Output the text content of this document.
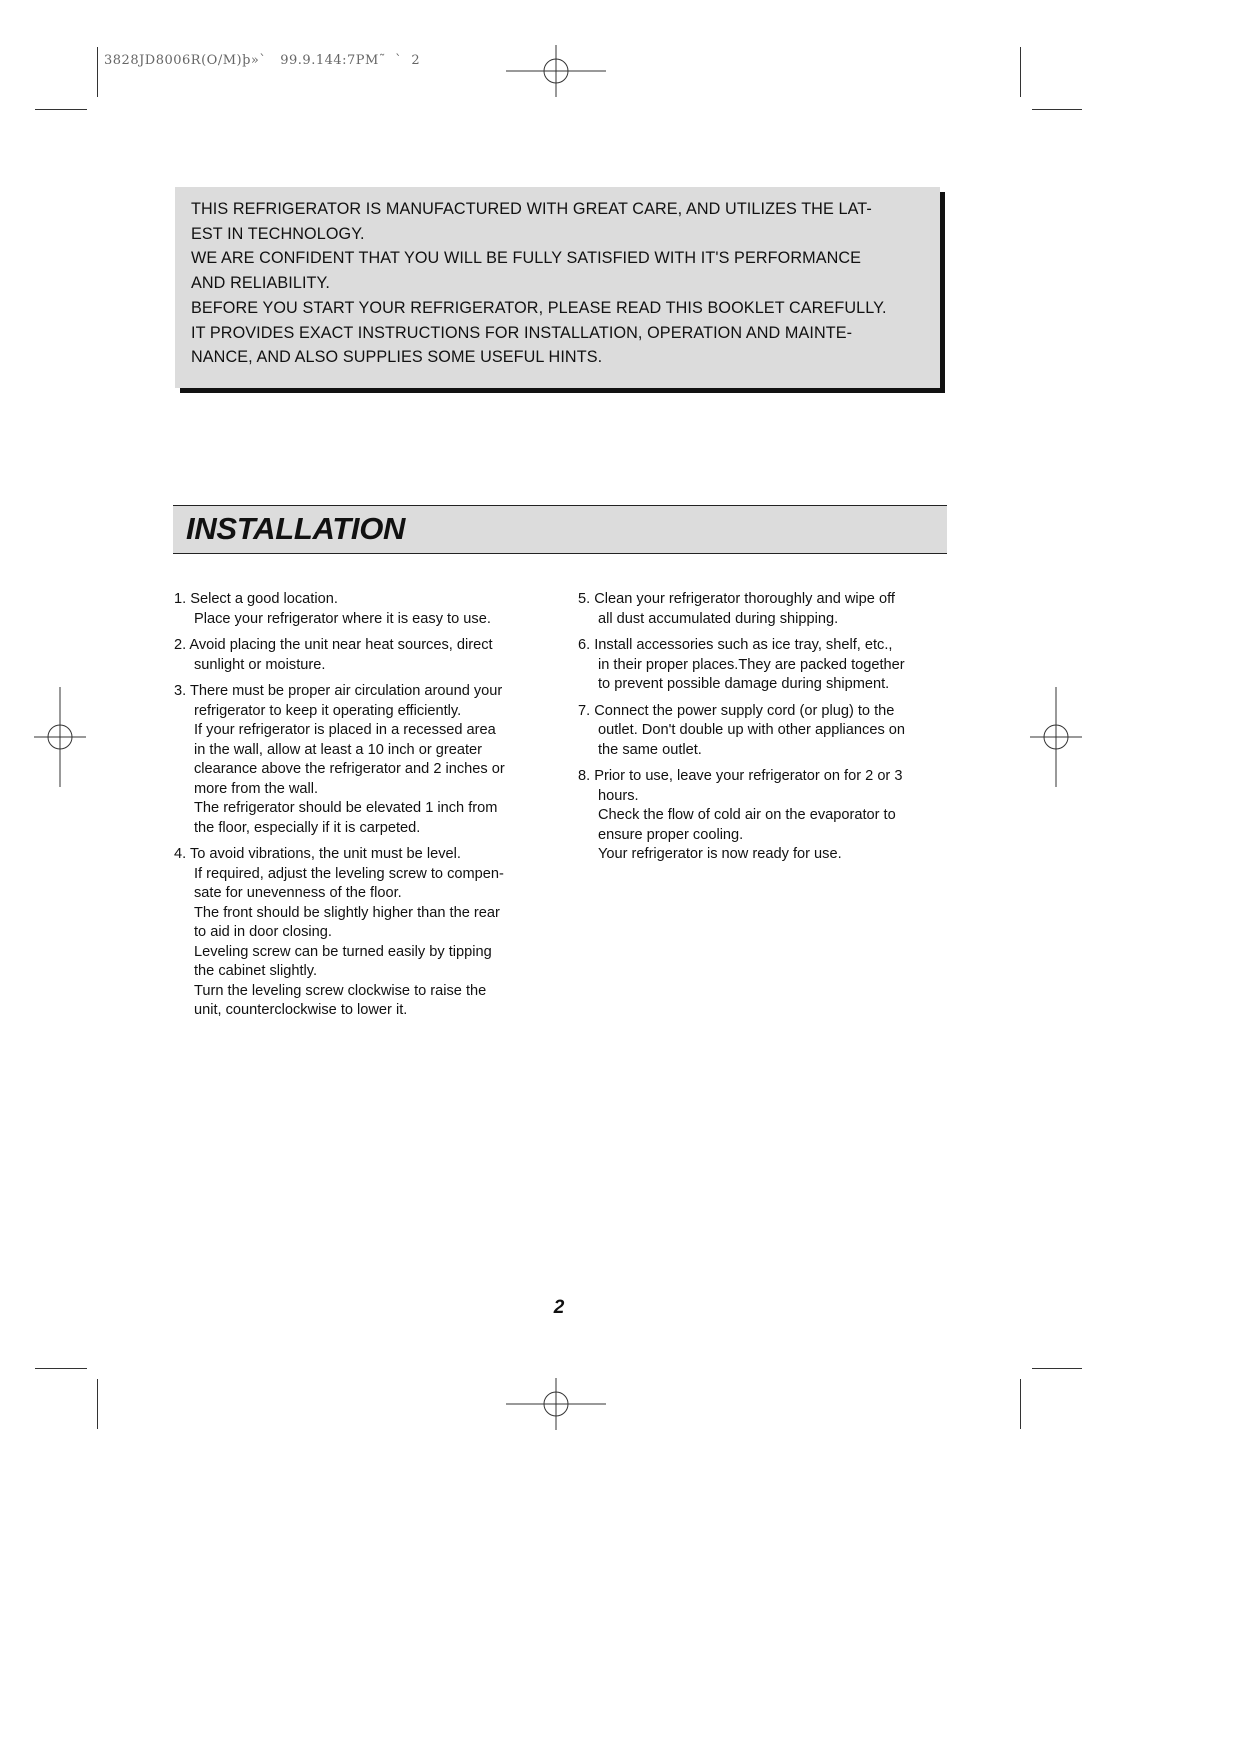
3828JD8006R(O/M)þ»`   99.9.144:7PM˜  `  2

THIS REFRIGERATOR IS MANUFACTURED WITH GREAT CARE, AND UTILIZES THE LAT-

EST IN TECHNOLOGY.

WE ARE CONFIDENT THAT YOU WILL BE FULLY SATISFIED WITH IT'S PERFORMANCE

AND RELIABILITY.

BEFORE YOU START YOUR REFRIGERATOR, PLEASE READ THIS BOOKLET CAREFULLY.

IT PROVIDES EXACT INSTRUCTIONS FOR INSTALLATION, OPERATION AND MAINTE-

NANCE, AND ALSO SUPPLIES SOME USEFUL HINTS.

INSTALLATION
1. Select a good location.
Place your refrigerator where it is easy to use.
2. Avoid placing the unit near heat sources, direct
sunlight or moisture.
3. There must be proper air circulation around your
refrigerator to keep it operating efficiently.
If your refrigerator is placed in a recessed area
in the wall, allow at least a 10 inch or greater
clearance above the refrigerator and 2 inches or
more from the wall.
The refrigerator should be elevated 1 inch from
the floor, especially if it is carpeted.
4. To avoid vibrations, the unit must be level.
If required, adjust the leveling screw to compen-
sate for unevenness of the floor.
The front should be slightly higher than the rear
to aid in door closing.
Leveling screw can be turned easily by tipping
the cabinet slightly.
Turn the leveling screw clockwise to raise the
unit, counterclockwise to lower it.
5. Clean your refrigerator thoroughly and wipe off
all dust accumulated during shipping.
6. Install accessories such as ice tray, shelf, etc.,
in their proper places.They are packed together
to prevent possible damage during shipment.
7. Connect the power supply cord (or plug) to the
outlet. Don't double up with other appliances on
the same outlet.
8. Prior to use, leave your refrigerator on for 2 or 3
hours.
Check the flow of cold air on the evaporator to
ensure proper cooling.
Your refrigerator is now ready for use.
2
